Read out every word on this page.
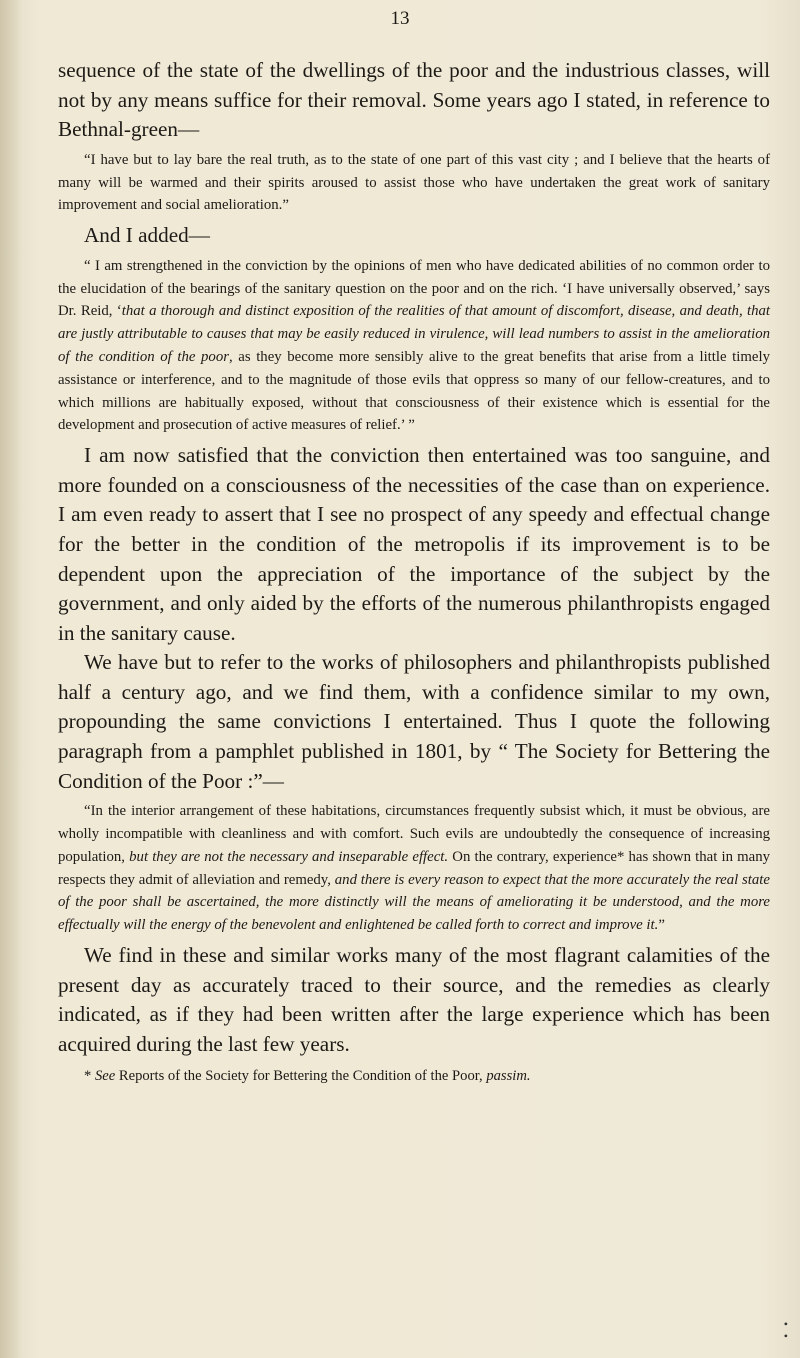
13

sequence of the state of the dwellings of the poor and the industrious classes, will not by any means suffice for their removal. Some years ago I stated, in reference to Bethnal-green—

“I have but to lay bare the real truth, as to the state of one part of this vast city ; and I believe that the hearts of many will be warmed and their spirits aroused to assist those who have undertaken the great work of sanitary improvement and social amelioration.”

And I added—

“ I am strengthened in the conviction by the opinions of men who have dedicated abilities of no common order to the elucidation of the bearings of the sanitary question on the poor and on the rich. ‘I have universally observed,’ says Dr. Reid, ‘that a thorough and distinct exposition of the realities of that amount of discomfort, disease, and death, that are justly attributable to causes that may be easily reduced in virulence, will lead numbers to assist in the amelioration of the condition of the poor, as they become more sensibly alive to the great benefits that arise from a little timely assistance or interference, and to the magnitude of those evils that oppress so many of our fellow-creatures, and to which millions are habitually exposed, without that consciousness of their existence which is essential for the development and prosecution of active measures of relief.’ ”

I am now satisfied that the conviction then entertained was too sanguine, and more founded on a consciousness of the necessities of the case than on experience. I am even ready to assert that I see no prospect of any speedy and effectual change for the better in the condition of the metropolis if its improvement is to be dependent upon the appreciation of the importance of the subject by the government, and only aided by the efforts of the numerous philanthropists engaged in the sanitary cause.

We have but to refer to the works of philosophers and philanthropists published half a century ago, and we find them, with a confidence similar to my own, propounding the same convictions I entertained. Thus I quote the following paragraph from a pamphlet published in 1801, by “ The Society for Bettering the Condition of the Poor :”—

“In the interior arrangement of these habitations, circumstances frequently subsist which, it must be obvious, are wholly incompatible with cleanliness and with comfort. Such evils are undoubtedly the consequence of increasing population, but they are not the necessary and inseparable effect. On the contrary, experience* has shown that in many respects they admit of alleviation and remedy, and there is every reason to expect that the more accurately the real state of the poor shall be ascertained, the more distinctly will the means of ameliorating it be understood, and the more effectually will the energy of the benevolent and enlightened be called forth to correct and improve it.”

We find in these and similar works many of the most flagrant calamities of the present day as accurately traced to their source, and the remedies as clearly indicated, as if they had been written after the large experience which has been acquired during the last few years.

* See Reports of the Society for Bettering the Condition of the Poor, passim.

•
•
